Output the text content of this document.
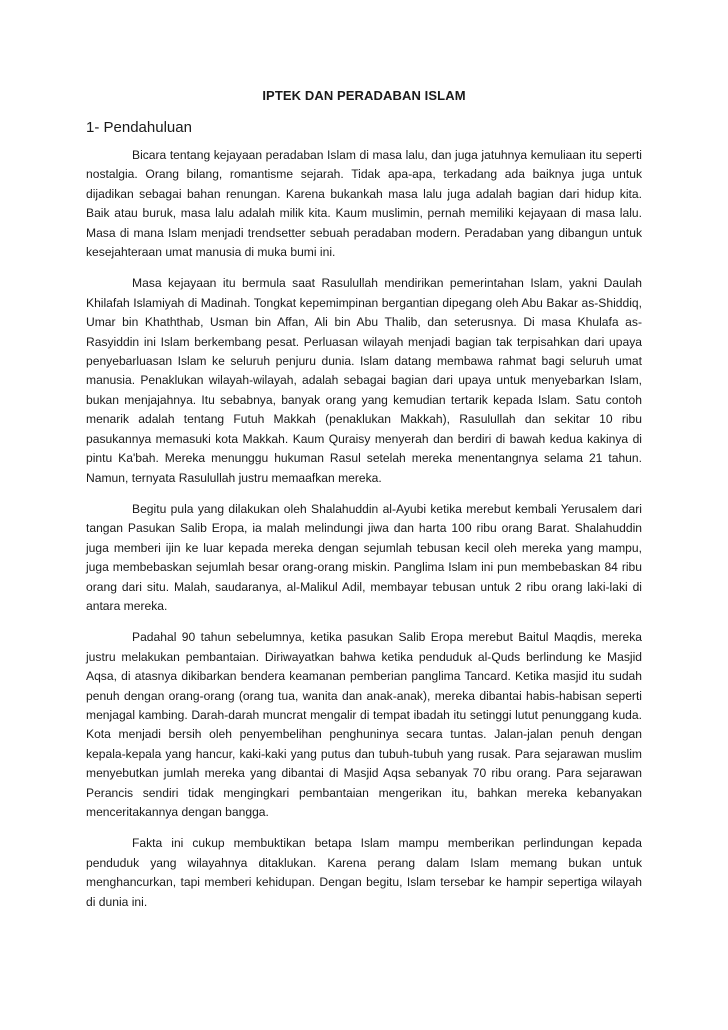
IPTEK DAN PERADABAN ISLAM
1- Pendahuluan

Bicara tentang kejayaan peradaban Islam di masa lalu, dan juga jatuhnya kemuliaan itu seperti nostalgia. Orang bilang, romantisme sejarah. Tidak apa-apa, terkadang ada baiknya juga untuk dijadikan sebagai bahan renungan. Karena bukankah masa lalu juga adalah bagian dari hidup kita. Baik atau buruk, masa lalu adalah milik kita. Kaum muslimin, pernah memiliki kejayaan di masa lalu. Masa di mana Islam menjadi trendsetter sebuah peradaban modern. Peradaban yang dibangun untuk kesejahteraan umat manusia di muka bumi ini.

Masa kejayaan itu bermula saat Rasulullah mendirikan pemerintahan Islam, yakni Daulah Khilafah Islamiyah di Madinah. Tongkat kepemimpinan bergantian dipegang oleh Abu Bakar as-Shiddiq, Umar bin Khaththab, Usman bin Affan, Ali bin Abu Thalib, dan seterusnya. Di masa Khulafa as-Rasyiddin ini Islam berkembang pesat. Perluasan wilayah menjadi bagian tak terpisahkan dari upaya penyebarluasan Islam ke seluruh penjuru dunia. Islam datang membawa rahmat bagi seluruh umat manusia. Penaklukan wilayah-wilayah, adalah sebagai bagian dari upaya untuk menyebarkan Islam, bukan menjajahnya. Itu sebabnya, banyak orang yang kemudian tertarik kepada Islam. Satu contoh menarik adalah tentang Futuh Makkah (penaklukan Makkah), Rasulullah dan sekitar 10 ribu pasukannya memasuki kota Makkah. Kaum Quraisy menyerah dan berdiri di bawah kedua kakinya di pintu Ka'bah. Mereka menunggu hukuman Rasul setelah mereka menentangnya selama 21 tahun. Namun, ternyata Rasulullah justru memaafkan mereka.

Begitu pula yang dilakukan oleh Shalahuddin al-Ayubi ketika merebut kembali Yerusalem dari tangan Pasukan Salib Eropa, ia malah melindungi jiwa dan harta 100 ribu orang Barat. Shalahuddin juga memberi ijin ke luar kepada mereka dengan sejumlah tebusan kecil oleh mereka yang mampu, juga membebaskan sejumlah besar orang-orang miskin. Panglima Islam ini pun membebaskan 84 ribu orang dari situ. Malah, saudaranya, al-Malikul Adil, membayar tebusan untuk 2 ribu orang laki-laki di antara mereka.

Padahal 90 tahun sebelumnya, ketika pasukan Salib Eropa merebut Baitul Maqdis, mereka justru melakukan pembantaian. Diriwayatkan bahwa ketika penduduk al-Quds berlindung ke Masjid Aqsa, di atasnya dikibarkan bendera keamanan pemberian panglima Tancard. Ketika masjid itu sudah penuh dengan orang-orang (orang tua, wanita dan anak-anak), mereka dibantai habis-habisan seperti menjagal kambing. Darah-darah muncrat mengalir di tempat ibadah itu setinggi lutut penunggang kuda. Kota menjadi bersih oleh penyembelihan penghuninya secara tuntas. Jalan-jalan penuh dengan kepala-kepala yang hancur, kaki-kaki yang putus dan tubuh-tubuh yang rusak. Para sejarawan muslim menyebutkan jumlah mereka yang dibantai di Masjid Aqsa sebanyak 70 ribu orang. Para sejarawan Perancis sendiri tidak mengingkari pembantaian mengerikan itu, bahkan mereka kebanyakan menceritakannya dengan bangga.

Fakta ini cukup membuktikan betapa Islam mampu memberikan perlindungan kepada penduduk yang wilayahnya ditaklukan. Karena perang dalam Islam memang bukan untuk menghancurkan, tapi memberi kehidupan. Dengan begitu, Islam tersebar ke hampir sepertiga wilayah di dunia ini.
